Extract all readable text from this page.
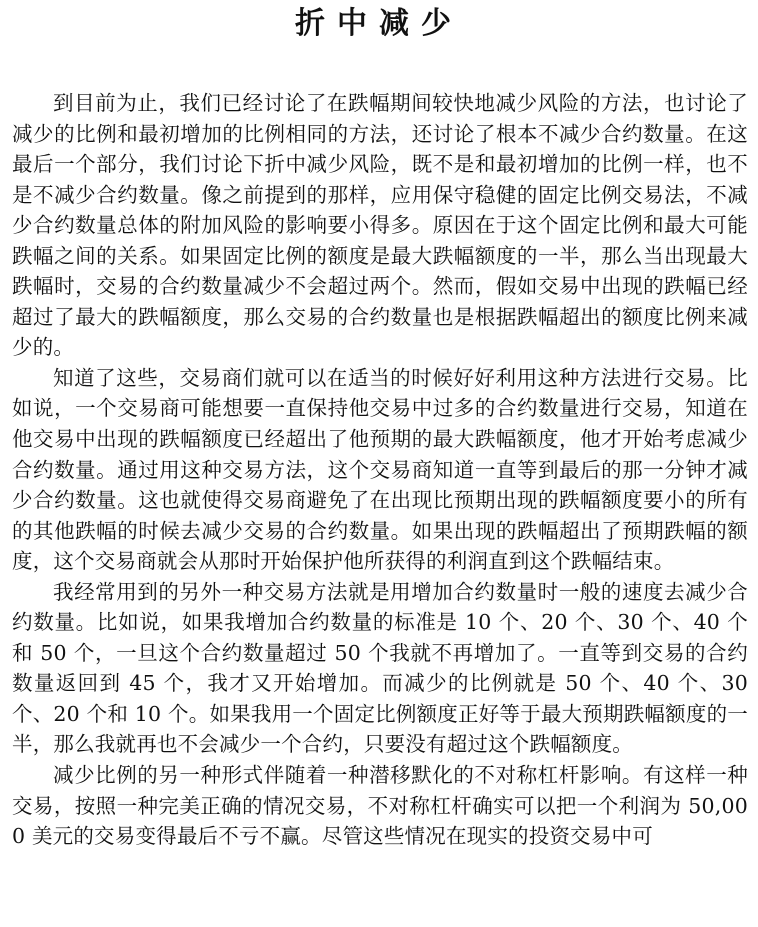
折中减少

到目前为止，我们已经讨论了在跌幅期间较快地减少风险的方法，也讨论了减少的比例和最初增加的比例相同的方法，还讨论了根本不减少合约数量。在这最后一个部分，我们讨论下折中减少风险，既不是和最初增加的比例一样，也不是不减少合约数量。像之前提到的那样，应用保守稳健的固定比例交易法，不减少合约数量总体的附加风险的影响要小得多。原因在于这个固定比例和最大可能跌幅之间的关系。如果固定比例的额度是最大跌幅额度的一半，那么当出现最大跌幅时，交易的合约数量减少不会超过两个。然而，假如交易中出现的跌幅已经超过了最大的跌幅额度，那么交易的合约数量也是根据跌幅超出的额度比例来减少的。

知道了这些，交易商们就可以在适当的时候好好利用这种方法进行交易。比如说，一个交易商可能想要一直保持他交易中过多的合约数量进行交易，知道在他交易中出现的跌幅额度已经超出了他预期的最大跌幅额度，他才开始考虑减少合约数量。通过用这种交易方法，这个交易商知道一直等到最后的那一分钟才减少合约数量。这也就使得交易商避免了在出现比预期出现的跌幅额度要小的所有的其他跌幅的时候去减少交易的合约数量。如果出现的跌幅超出了预期跌幅的额度，这个交易商就会从那时开始保护他所获得的利润直到这个跌幅结束。

我经常用到的另外一种交易方法就是用增加合约数量时一般的速度去减少合约数量。比如说，如果我增加合约数量的标准是 10 个、20 个、30 个、40 个和 50 个，一旦这个合约数量超过 50 个我就不再增加了。一直等到交易的合约数量返回到 45 个，我才又开始增加。而减少的比例就是 50 个、40 个、30 个、20 个和 10 个。如果我用一个固定比例额度正好等于最大预期跌幅额度的一半，那么我就再也不会减少一个合约，只要没有超过这个跌幅额度。

减少比例的另一种形式伴随着一种潜移默化的不对称杠杆影响。有这样一种交易，按照一种完美正确的情况交易，不对称杠杆确实可以把一个利润为 50,000 美元的交易变得最后不亏不赢。尽管这些情况在现实的投资交易中可
